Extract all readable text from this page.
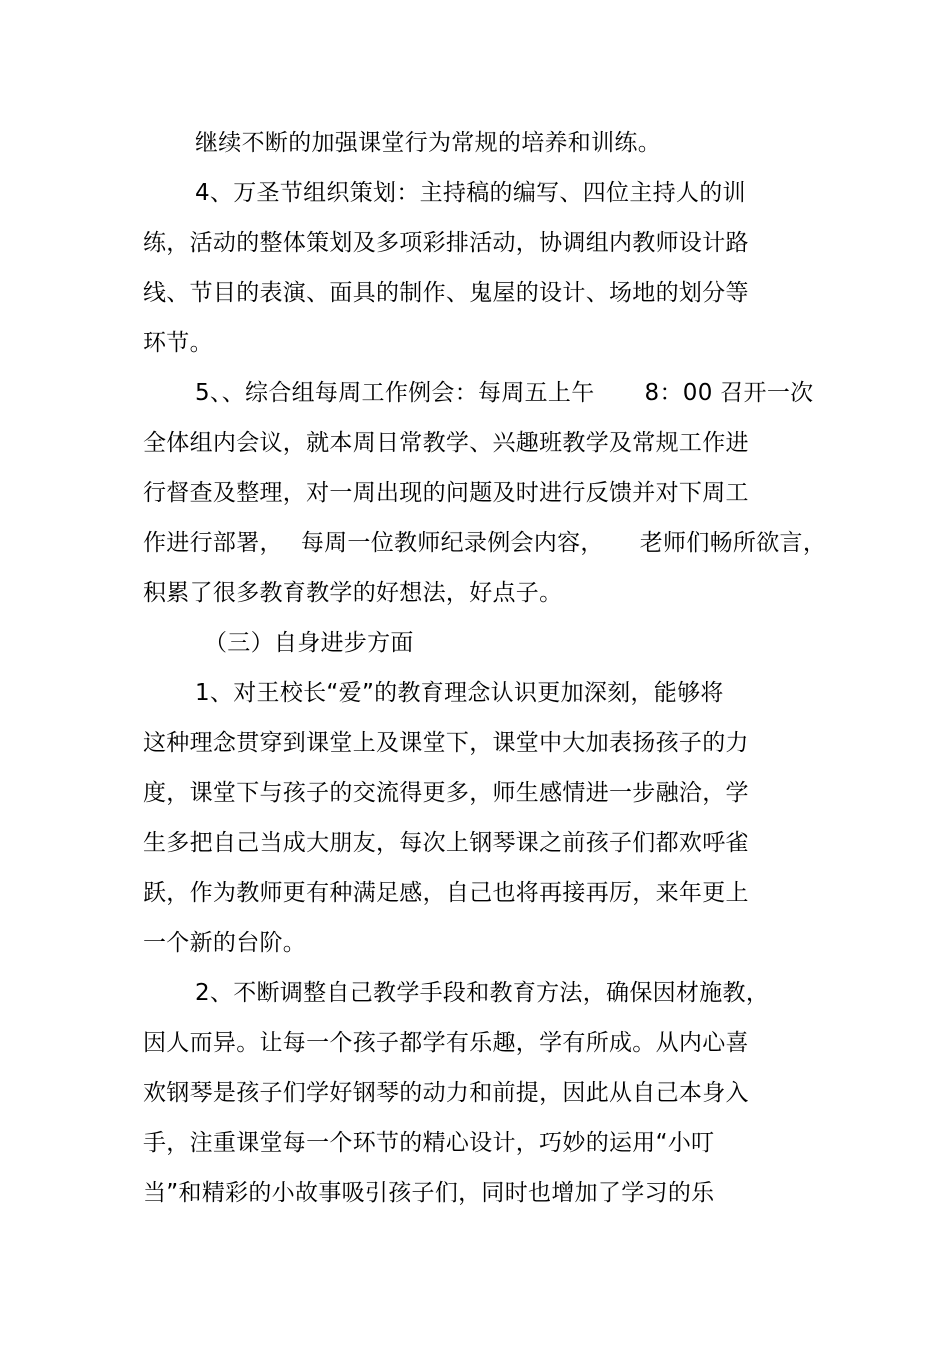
继续不断的加强课堂行为常规的培养和训练。
4、万圣节组织策划：主持稿的编写、四位主持人的训
练，活动的整体策划及多项彩排活动，协调组内教师设计路
线、节目的表演、面具的制作、鬼屋的设计、场地的划分等
环节。
5、、综合组每周工作例会：每周五上午 8：00 召开一次
全体组内会议，就本周日常教学、兴趣班教学及常规工作进
行督查及整理，对一周出现的问题及时进行反馈并对下周工
作进行部署， 每周一位教师纪录例会内容， 老师们畅所欲言，
积累了很多教育教学的好想法，好点子。
（三）自身进步方面
1、对王校长“爱”的教育理念认识更加深刻，能够将
这种理念贯穿到课堂上及课堂下，课堂中大加表扬孩子的力
度，课堂下与孩子的交流得更多，师生感情进一步融洽，学
生多把自己当成大朋友，每次上钢琴课之前孩子们都欢呼雀
跃，作为教师更有种满足感，自己也将再接再厉，来年更上
一个新的台阶。
2、不断调整自己教学手段和教育方法，确保因材施教，
因人而异。让每一个孩子都学有乐趣，学有所成。从内心喜
欢钢琴是孩子们学好钢琴的动力和前提，因此从自己本身入
手，注重课堂每一个环节的精心设计，巧妙的运用“小叮
当”和精彩的小故事吸引孩子们，同时也增加了学习的乐
